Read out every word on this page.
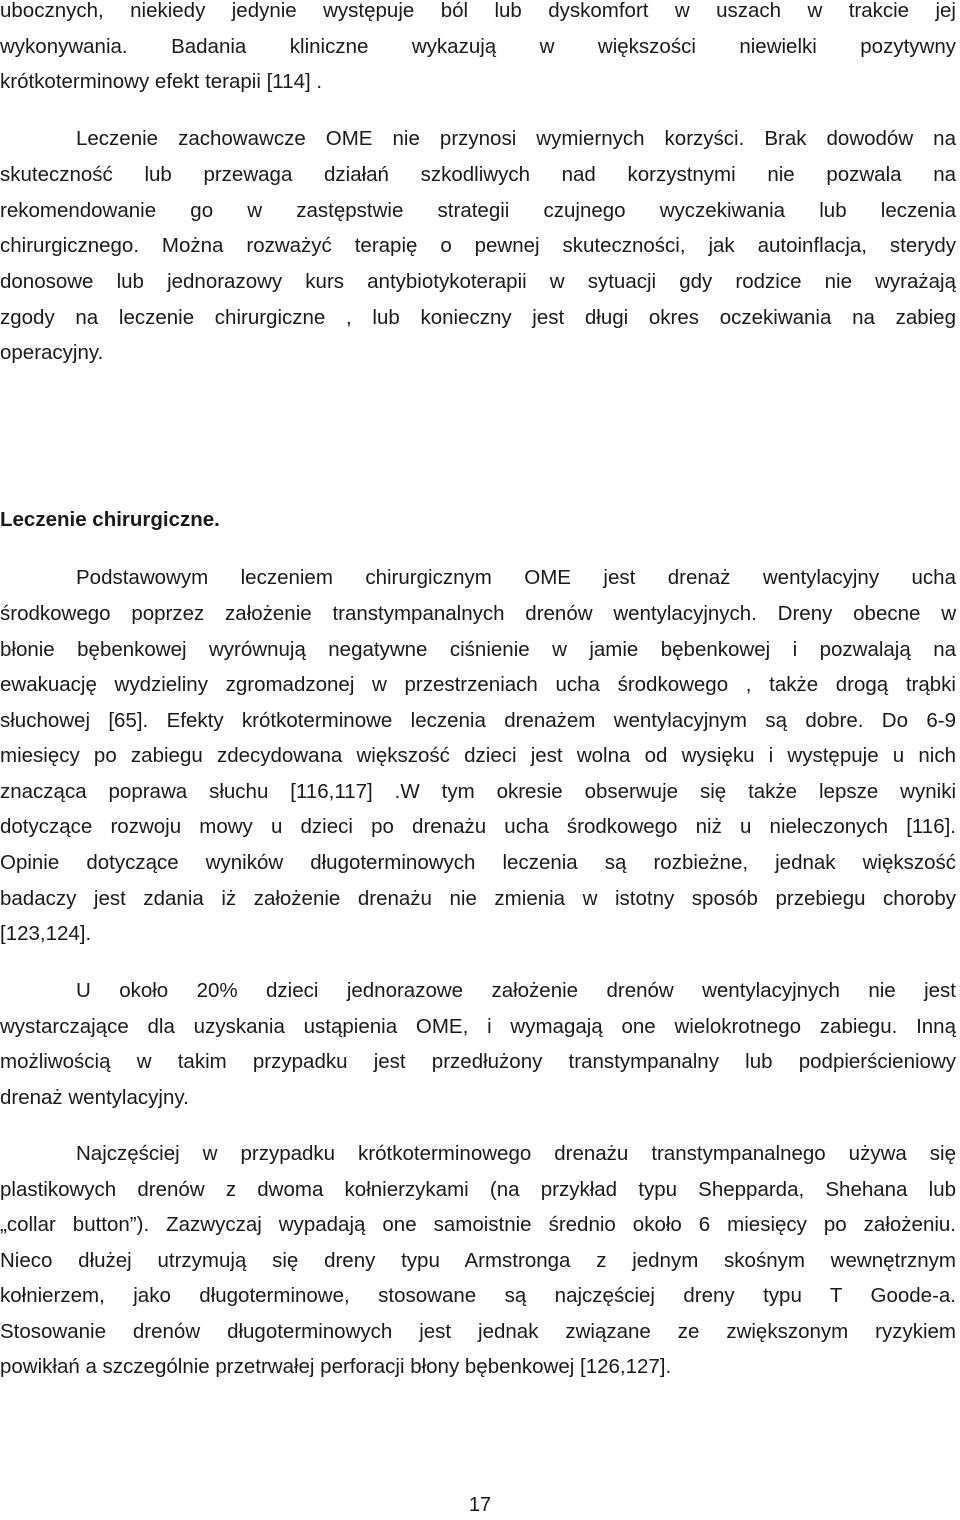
ubocznych, niekiedy jedynie występuje ból lub dyskomfort w uszach w trakcie jej
wykonywania. Badania kliniczne wykazują w większości niewielki pozytywny
krótkoterminowy efekt terapii [114] .
Leczenie zachowawcze OME nie przynosi wymiernych korzyści. Brak dowodów na
skuteczność lub przewaga działań szkodliwych nad korzystnymi nie pozwala na
rekomendowanie go w zastępstwie strategii czujnego wyczekiwania lub leczenia
chirurgicznego. Można rozważyć terapię o pewnej skuteczności, jak autoinflacja, sterydy
donosowe lub jednorazowy kurs antybiotykoterapii w sytuacji gdy rodzice nie wyrażają
zgody na leczenie chirurgiczne , lub konieczny jest długi okres oczekiwania na zabieg
operacyjny.
Leczenie chirurgiczne.
Podstawowym leczeniem chirurgicznym OME jest drenaż wentylacyjny ucha
środkowego poprzez założenie transtympanalnych drenów wentylacyjnych. Dreny obecne w
błonie bębenkowej wyrównują negatywne ciśnienie w jamie bębenkowej i pozwalają na
ewakuację wydzieliny zgromadzonej w przestrzeniach ucha środkowego , także drogą trąbki
słuchowej [65]. Efekty krótkoterminowe leczenia drenażem wentylacyjnym są dobre. Do 6-9
miesięcy po zabiegu zdecydowana większość dzieci jest wolna od wysięku i występuje u nich
znacząca poprawa słuchu [116,117] .W tym okresie obserwuje się także lepsze wyniki
dotyczące rozwoju mowy u dzieci po drenażu ucha środkowego niż u nieleczonych [116].
Opinie dotyczące wyników długoterminowych leczenia są rozbieżne, jednak większość
badaczy jest zdania iż założenie drenażu nie zmienia w istotny sposób przebiegu choroby
[123,124].
U około 20% dzieci jednorazowe założenie drenów wentylacyjnych nie jest
wystarczające dla uzyskania ustąpienia OME, i wymagają one wielokrotnego zabiegu. Inną
możliwością w takim przypadku jest przedłużony transtympanalny lub podpierścieniowy
drenaż wentylacyjny.
Najczęściej w przypadku krótkoterminowego drenażu transtympanalnego używa się
plastikowych drenów z dwoma kołnierzykami (na przykład typu Shepparda, Shehana lub
„collar button”). Zazwyczaj wypadają one samoistnie średnio około 6 miesięcy po założeniu.
Nieco dłużej utrzymują się dreny typu Armstronga z jednym skośnym wewnętrznym
kołnierzem, jako długoterminowe, stosowane są najczęściej dreny typu T Goode-a.
Stosowanie drenów długoterminowych jest jednak związane ze zwiększonym ryzykiem
powikłań a szczególnie przetrwałej perforacji błony bębenkowej [126,127].
17
